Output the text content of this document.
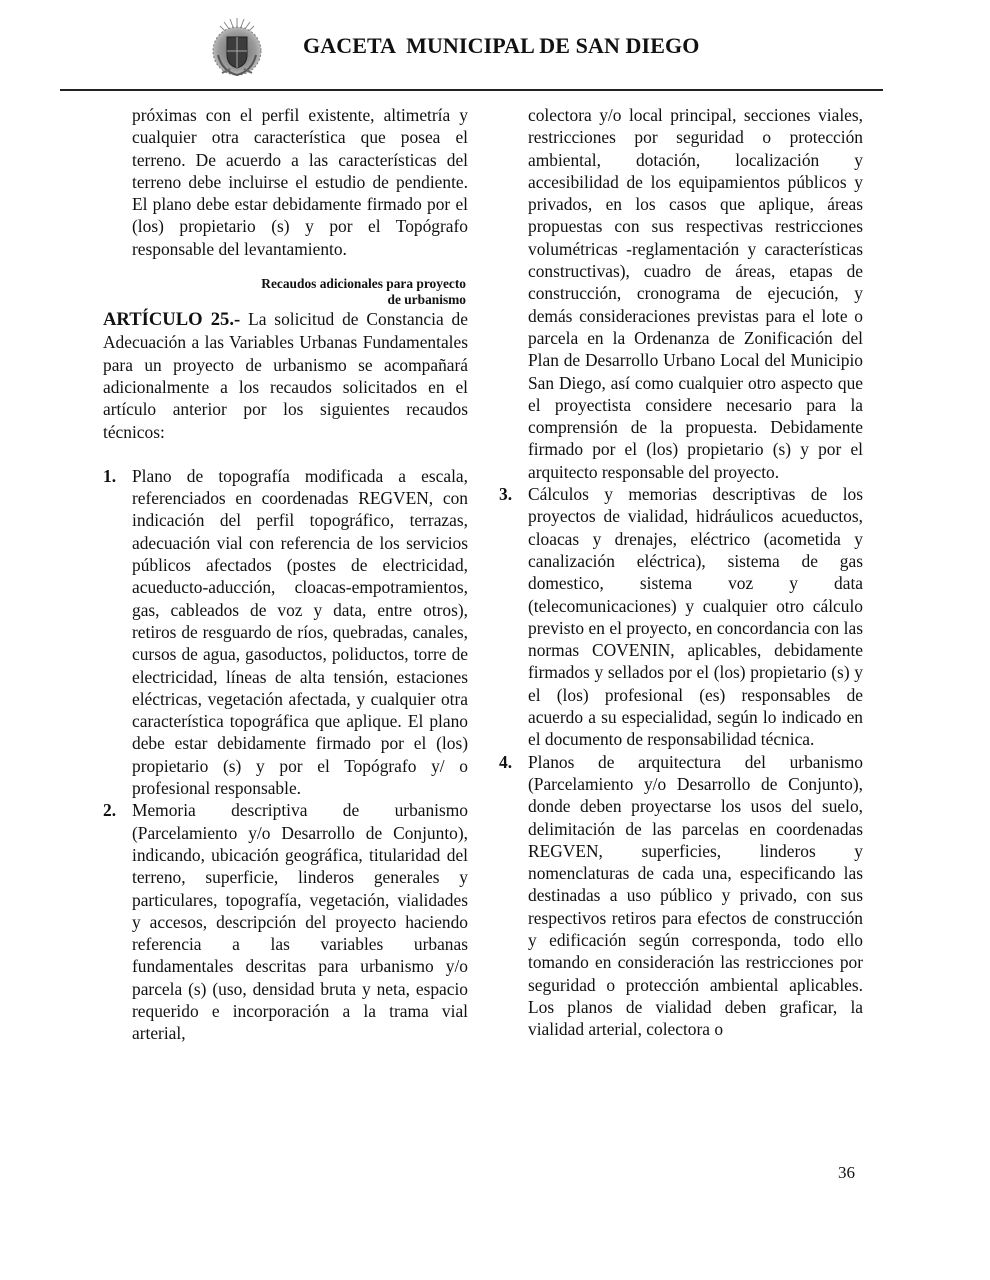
GACETA  MUNICIPAL DE SAN DIEGO

próximas con el perfil existente, altimetría y cualquier otra característica que posea el terreno. De acuerdo a las características del terreno debe incluirse el estudio de pendiente. El plano debe estar debidamente firmado por el (los) propietario (s) y por el Topógrafo responsable del levantamiento.

Recaudos adicionales para proyecto
de urbanismo

ARTÍCULO 25.- La solicitud de Constancia de Adecuación a las Variables Urbanas Fundamentales para un proyecto de urbanismo se acompañará adicionalmente a los recaudos solicitados en el artículo anterior por los siguientes recaudos técnicos:

1. Plano de topografía modificada a escala, referenciados en coordenadas REGVEN, con indicación del perfil topográfico, terrazas, adecuación vial con referencia de los servicios públicos afectados (postes de electricidad, acueducto-aducción, cloacas-empotramientos, gas, cableados de voz y data, entre otros), retiros de resguardo de ríos, quebradas, canales, cursos de agua, gasoductos, poliductos, torre de electricidad, líneas de alta tensión, estaciones eléctricas, vegetación afectada, y cualquier otra característica topográfica que aplique. El plano debe estar debidamente firmado por el (los) propietario (s) y por el Topógrafo y/ o profesional responsable.

2. Memoria descriptiva de urbanismo (Parcelamiento y/o Desarrollo de Conjunto), indicando, ubicación geográfica, titularidad del terreno, superficie, linderos generales y particulares, topografía, vegetación, vialidades y accesos, descripción del proyecto haciendo referencia a las variables urbanas fundamentales descritas para urbanismo y/o parcela (s) (uso, densidad bruta y neta, espacio requerido e incorporación a la trama vial arterial,

colectora y/o local principal, secciones viales, restricciones por seguridad o protección ambiental, dotación, localización y accesibilidad de los equipamientos públicos y privados, en los casos que aplique, áreas propuestas con sus respectivas restricciones volumétricas -reglamentación y características constructivas), cuadro de áreas, etapas de construcción, cronograma de ejecución, y demás consideraciones previstas para el lote o parcela en la Ordenanza de Zonificación del Plan de Desarrollo Urbano Local del Municipio San Diego, así como cualquier otro aspecto que el proyectista considere necesario para la comprensión de la propuesta. Debidamente firmado por el (los) propietario (s) y por el arquitecto responsable del proyecto.

3. Cálculos y memorias descriptivas de los proyectos de vialidad, hidráulicos acueductos, cloacas y drenajes, eléctrico (acometida y canalización eléctrica), sistema de gas domestico, sistema voz y data (telecomunicaciones) y cualquier otro cálculo previsto en el proyecto, en concordancia con las normas COVENIN, aplicables, debidamente firmados y sellados por el (los) propietario (s) y el (los) profesional (es) responsables de acuerdo a su especialidad, según lo indicado en el documento de responsabilidad técnica.

4. Planos de arquitectura del urbanismo (Parcelamiento y/o Desarrollo de Conjunto), donde deben proyectarse los usos del suelo, delimitación de las parcelas en coordenadas REGVEN, superficies, linderos y nomenclaturas de cada una, especificando las destinadas a uso público y privado, con sus respectivos retiros para efectos de construcción y edificación según corresponda, todo ello tomando en consideración las restricciones por seguridad o protección ambiental aplicables. Los planos de vialidad deben graficar, la vialidad arterial, colectora o

36
